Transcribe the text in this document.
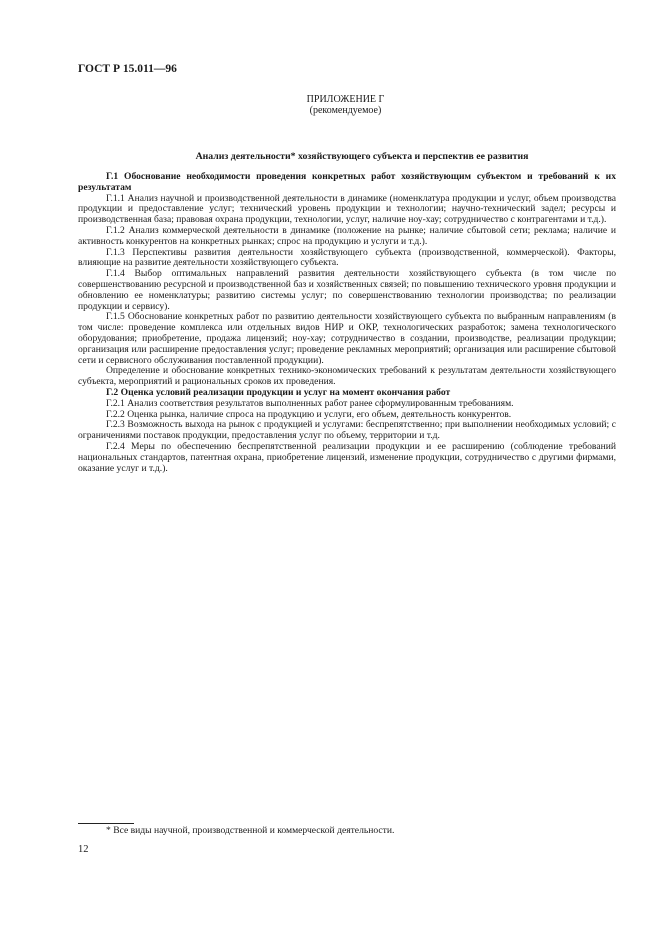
ГОСТ Р 15.011—96
ПРИЛОЖЕНИЕ Г
(рекомендуемое)
Анализ деятельности* хозяйствующего субъекта и перспектив ее развития

Г.1 Обоснование необходимости проведения конкретных работ хозяйствующим субъектом и требований к их результатам

Г.1.1 Анализ научной и производственной деятельности в динамике (номенклатура продукции и услуг, объем производства продукции и предоставление услуг; технический уровень продукции и технологии; научно-технический задел; ресурсы и производственная база; правовая охрана продукции, технологии, услуг, наличие ноу-хау; сотрудничество с контрагентами и т.д.).

Г.1.2 Анализ коммерческой деятельности в динамике (положение на рынке; наличие сбытовой сети; реклама; наличие и активность конкурентов на конкретных рынках; спрос на продукцию и услуги и т.д.).

Г.1.3 Перспективы развития деятельности хозяйствующего субъекта (производственной, коммерческой). Факторы, влияющие на развитие деятельности хозяйствующего субъекта.

Г.1.4 Выбор оптимальных направлений развития деятельности хозяйствующего субъекта (в том числе по совершенствованию ресурсной и производственной баз и хозяйственных связей; по повышению технического уровня продукции и обновлению ее номенклатуры; развитию системы услуг; по совершенствованию технологии производства; по реализации продукции и сервису).

Г.1.5 Обоснование конкретных работ по развитию деятельности хозяйствующего субъекта по выбранным направлениям (в том числе: проведение комплекса или отдельных видов НИР и ОКР, технологических разработок; замена технологического оборудования; приобретение, продажа лицензий; ноу-хау; сотрудничество в создании, производстве, реализации продукции; организация или расширение предоставления услуг; проведение рекламных мероприятий; организация или расширение сбытовой сети и сервисного обслуживания поставленной продукции).

Определение и обоснование конкретных технико-экономических требований к результатам деятельности хозяйствующего субъекта, мероприятий и рациональных сроков их проведения.

Г.2 Оценка условий реализации продукции и услуг на момент окончания работ

Г.2.1 Анализ соответствия результатов выполненных работ ранее сформулированным требованиям.

Г.2.2 Оценка рынка, наличие спроса на продукцию и услуги, его объем, деятельность конкурентов.

Г.2.3 Возможность выхода на рынок с продукцией и услугами: беспрепятственно; при выполнении необходимых условий; с ограничениями поставок продукции, предоставления услуг по объему, территории и т.д.

Г.2.4 Меры по обеспечению беспрепятственной реализации продукции и ее расширению (соблюдение требований национальных стандартов, патентная охрана, приобретение лицензий, изменение продукции, сотрудничество с другими фирмами, оказание услуг и т.д.).

* Все виды научной, производственной и коммерческой деятельности.
12
